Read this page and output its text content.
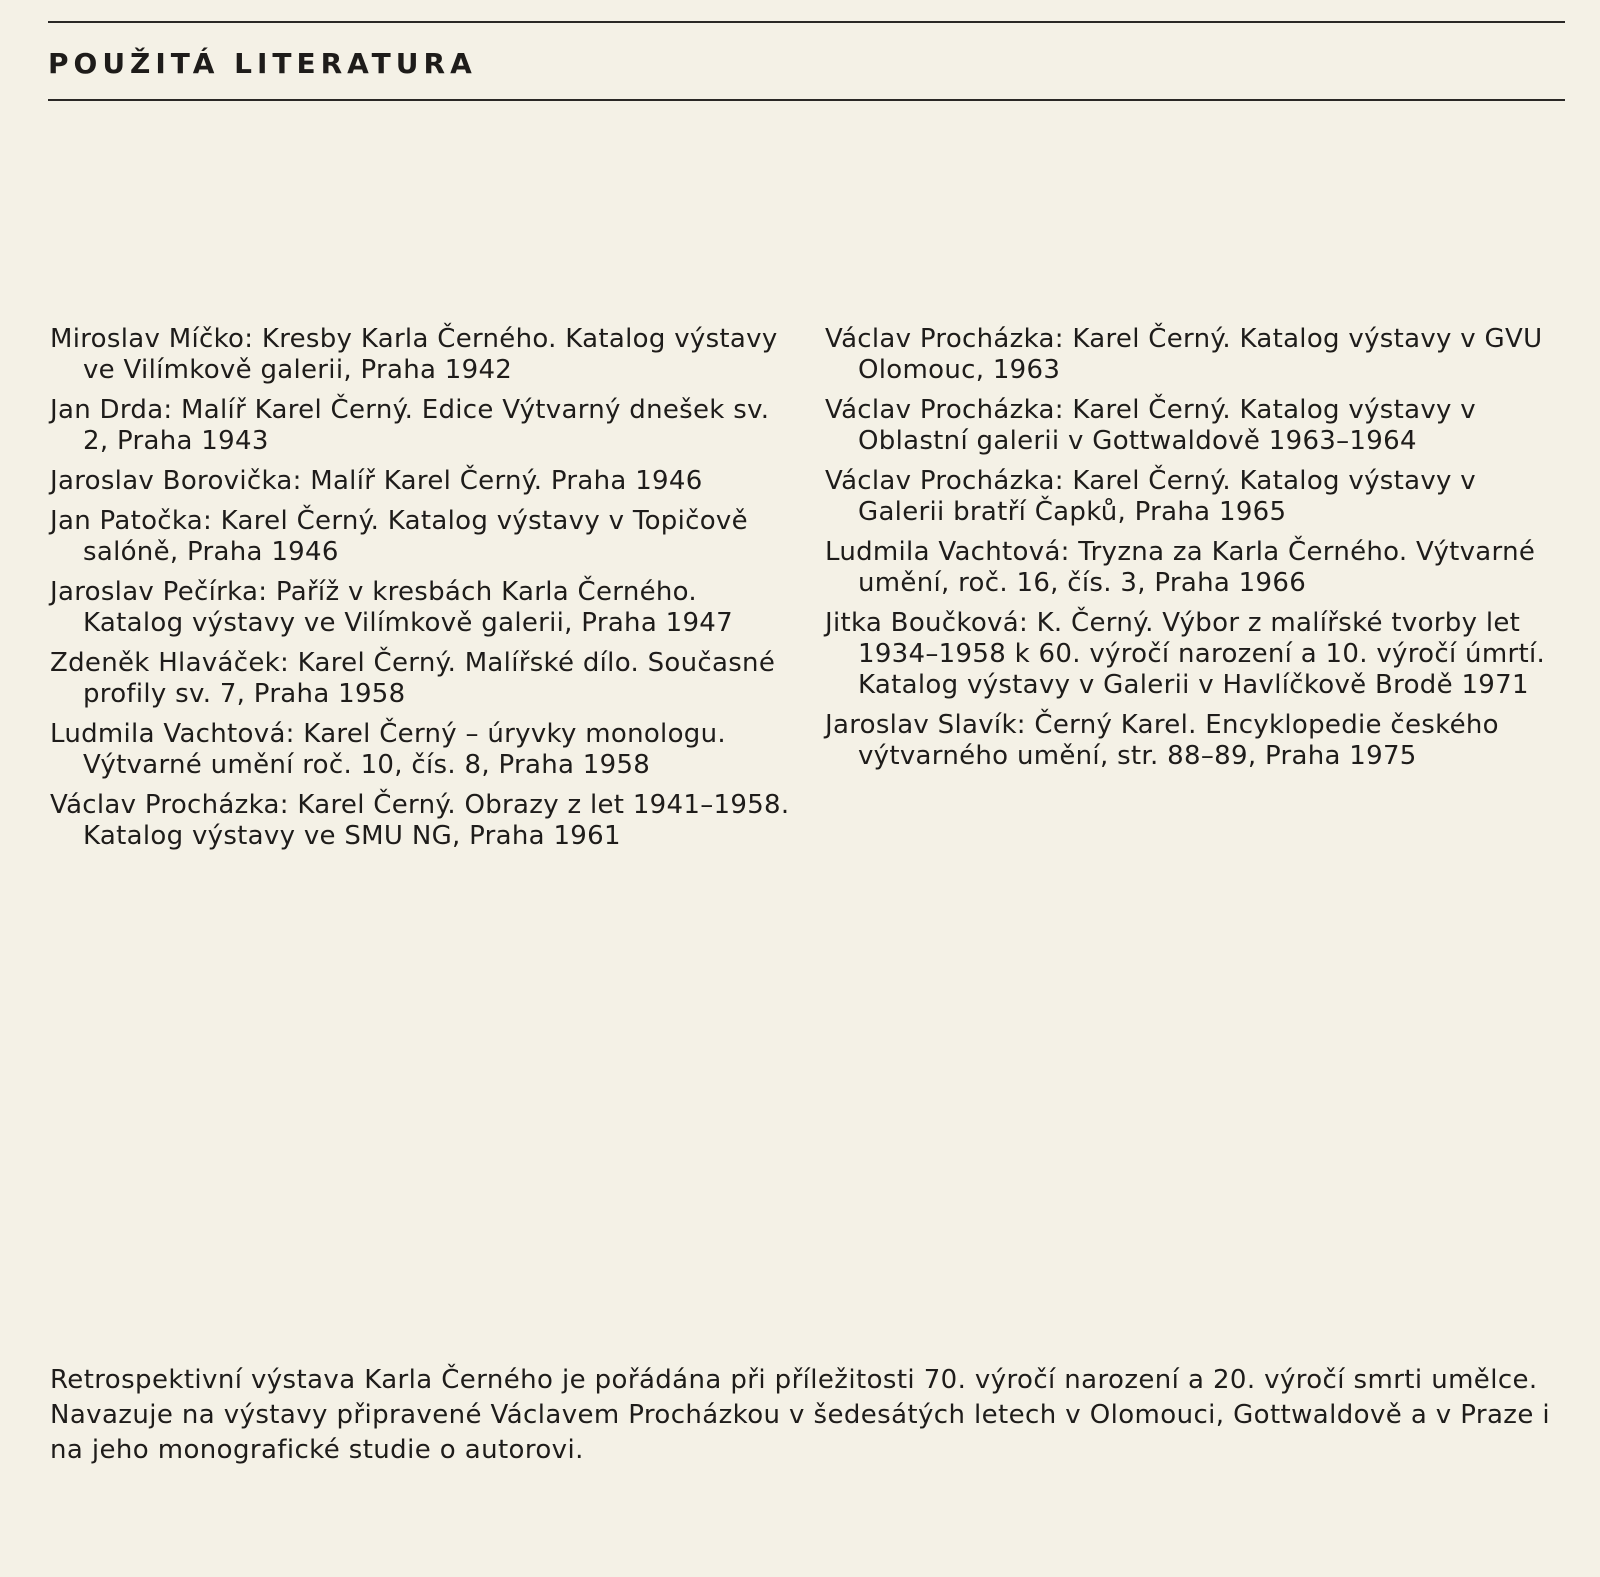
POUŽITÁ LITERATURA
Miroslav Míčko: Kresby Karla Černého. Katalog výstavy ve Vilímkově galerii, Praha 1942
Jan Drda: Malíř Karel Černý. Edice Výtvarný dnešek sv. 2, Praha 1943
Jaroslav Borovička: Malíř Karel Černý. Praha 1946
Jan Patočka: Karel Černý. Katalog výstavy v Topičově salóně, Praha 1946
Jaroslav Pečírka: Paříž v kresbách Karla Černého. Katalog výstavy ve Vilímkově galerii, Praha 1947
Zdeněk Hlaváček: Karel Černý. Malířské dílo. Současné profily sv. 7, Praha 1958
Ludmila Vachtová: Karel Černý – úryvky monologu. Výtvarné umění roč. 10, čís. 8, Praha 1958
Václav Procházka: Karel Černý. Obrazy z let 1941–1958. Katalog výstavy ve SMU NG, Praha 1961
Václav Procházka: Karel Černý. Katalog výstavy v GVU Olomouc, 1963
Václav Procházka: Karel Černý. Katalog výstavy v Oblastní galerii v Gottwaldově 1963–1964
Václav Procházka: Karel Černý. Katalog výstavy v Galerii bratří Čapků, Praha 1965
Ludmila Vachtová: Tryzna za Karla Černého. Výtvarné umění, roč. 16, čís. 3, Praha 1966
Jitka Boučková: K. Černý. Výbor z malířské tvorby let 1934–1958 k 60. výročí narození a 10. výročí úmrtí. Katalog výstavy v Galerii v Havlíčkově Brodě 1971
Jaroslav Slavík: Černý Karel. Encyklopedie českého výtvarného umění, str. 88–89, Praha 1975

Retrospektivní výstava Karla Černého je pořádána při příležitosti 70. výročí narození a 20. výročí smrti umělce. Navazuje na výstavy připravené Václavem Procházkou v šedesátých letech v Olomouci, Gottwaldově a v Praze i na jeho monografické studie o autorovi.
